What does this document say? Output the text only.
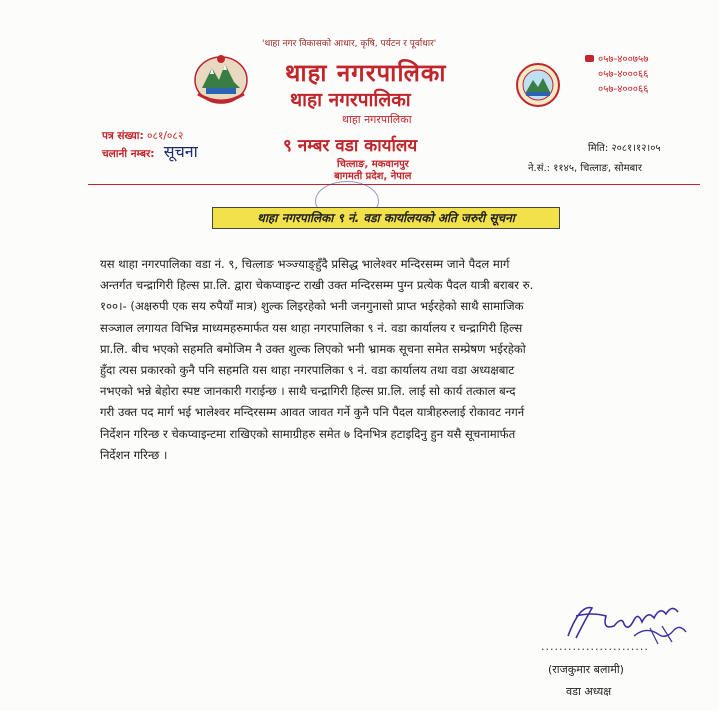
'थाहा नगर विकासको आधार, कृषि, पर्यटन र पूर्वाधार'
थाहा नगरपालिका
थाहा नगरपालिका
थाहा नगरपालिका
०५७-४००७५७
०५७-४०००६६
०५७-४०००६६
पत्र संख्या: ०८१/०८२
चलानी नम्बर: सूचना	९ नम्बर वडा कार्यालय
चित्लाङ, मकवानपुर
बागमती प्रदेश, नेपाल
मिति: २०८१।१२।०५
ने.सं.: ११४५, चित्लाङ, सोमबार
थाहा नगरपालिका ९ नं. वडा कार्यालयको अति जरुरी सूचना
यस थाहा नगरपालिका वडा नं. ९, चित्लाङ भञ्ज्याङ्हुँदै प्रसिद्ध भालेश्वर मन्दिरसम्म जाने पैदल मार्ग
अन्तर्गत चन्द्रागिरी हिल्स प्रा.लि. द्वारा चेकप्वाइन्ट राखी उक्त मन्दिरसम्म पुग्न प्रत्येक पैदल यात्री बराबर रु.
१००।- (अक्षरुपी एक सय रुपैयाँ मात्र) शुल्क लिइरहेको भनी जनगुनासो प्राप्त भईरहेको साथै सामाजिक
सञ्जाल लगायत विभिन्न माध्यमहरुमार्फत यस थाहा नगरपालिका ९ नं. वडा कार्यालय र चन्द्रागिरी हिल्स
प्रा.लि. बीच भएको सहमति बमोजिम नै उक्त शुल्क लिएको भनी भ्रामक सूचना समेत सम्प्रेषण भईरहेको
हुँदा त्यस प्रकारको कुनै पनि सहमति यस थाहा नगरपालिका ९ नं. वडा कार्यालय तथा वडा अध्यक्षबाट
नभएको भन्ने बेहोरा स्पष्ट जानकारी गराईन्छ । साथै चन्द्रागिरी हिल्स प्रा.लि. लाई सो कार्य तत्काल बन्द
गरी उक्त पद मार्ग भई भालेश्वर मन्दिरसम्म आवत जावत गर्ने कुनै पनि पैदल यात्रीहरुलाई रोकावट नगर्न
निर्देशन गरिन्छ र चेकप्वाइन्टमा राखिएको सामाग्रीहरु समेत ७ दिनभित्र हटाइदिनु हुन यसै सूचनामार्फत
निर्देशन गरिन्छ ।
........................
(राजकुमार बलामी)
वडा अध्यक्ष
